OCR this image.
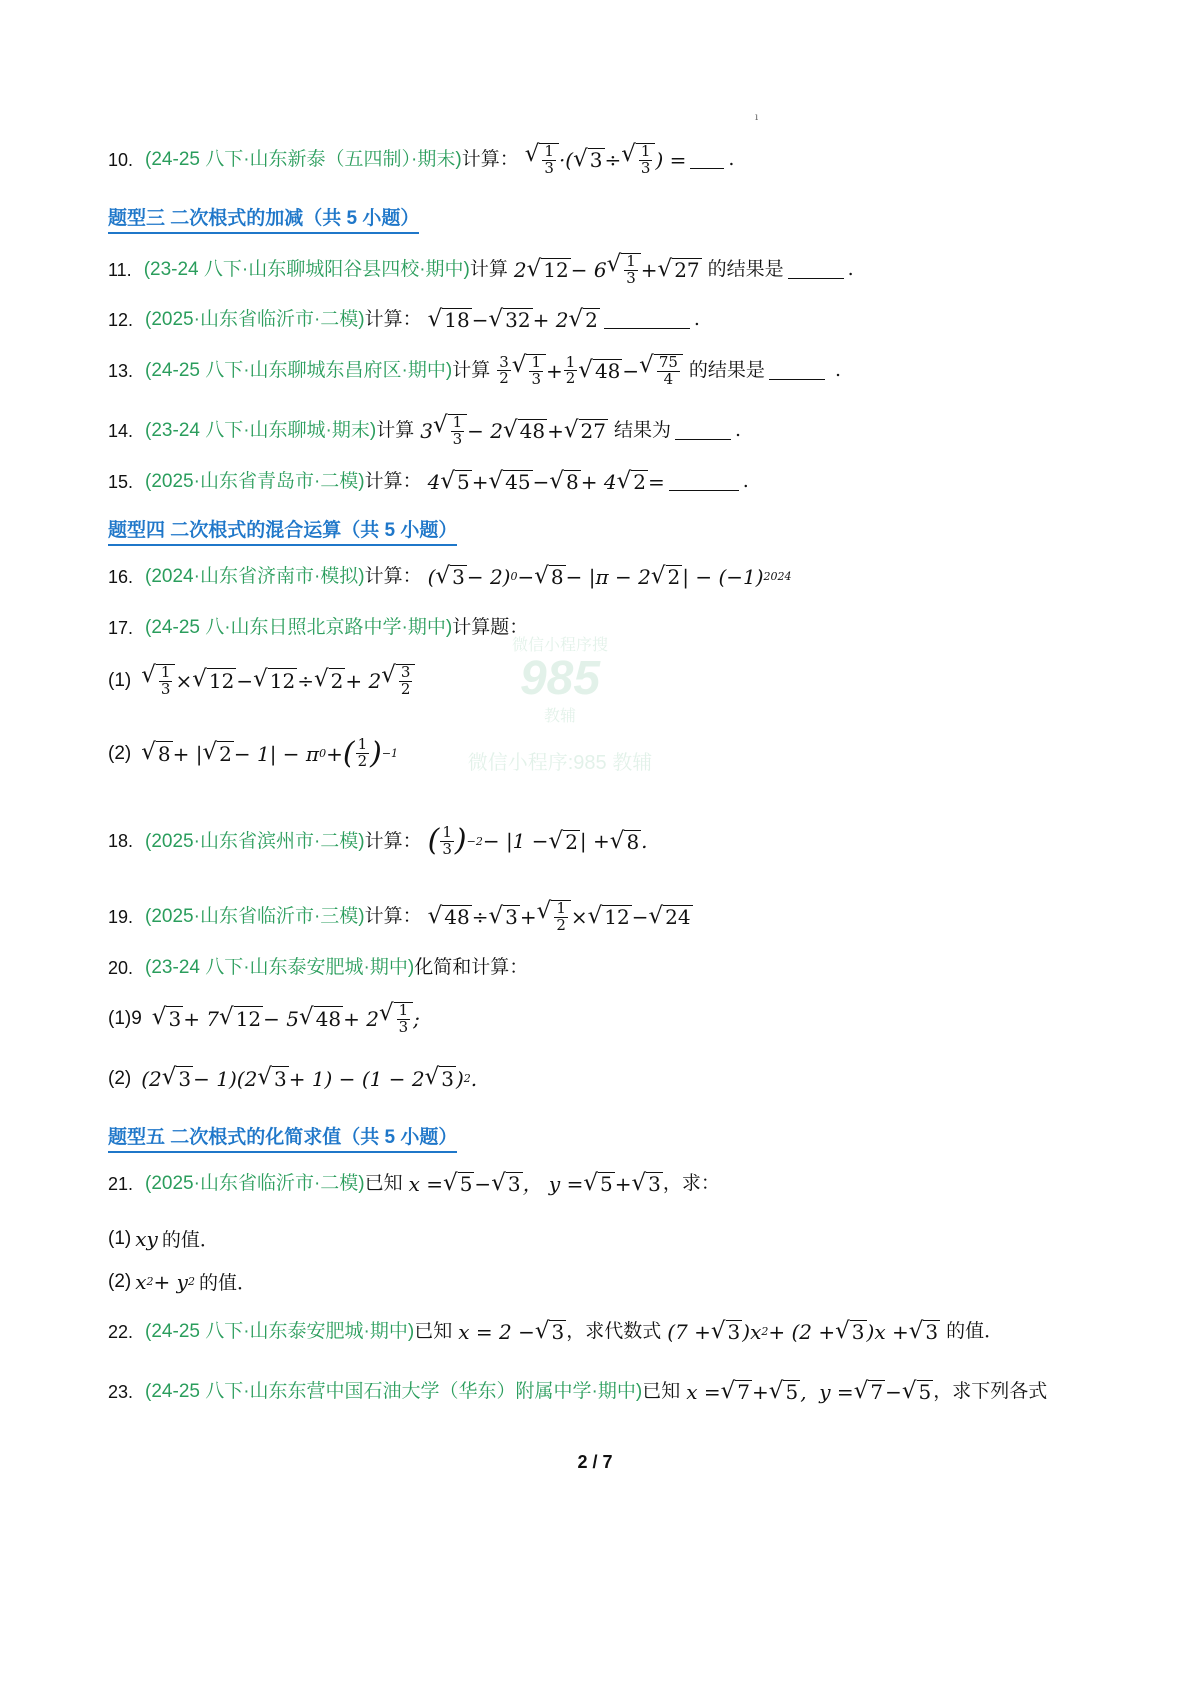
ı
微信小程序搜
985
教辅
微信小程序:985 教辅
10. (24-25 八下·山东新泰（五四制）·期末) 计算： √ $\frac{1}{3}$ ·( √ 3 ÷ √ $\frac{1}{3}$ ) = .
题型三 二次根式的加减（共 5 小题）
11. (23-24 八下·山东聊城阳谷县四校·期中) 计算 2 √ 12 − 6 √ $\frac{1}{3}$ + √ 27 的结果是	.
12. (2025·山东省临沂市·二模) 计算： √ 18 − √ 32 + 2 √ 2	.
13. (24-25 八下·山东聊城东昌府区·期中) 计算 $\frac{3}{2}$ √ $\frac{1}{3} + \frac{1}{2}$ √ 48 − √ $\frac{75}{4}$ 的结果是	.
14. (23-24 八下·山东聊城·期末) 计算 3 √ $\frac{1}{3} - 2$ √ 48 + √ 27 结果为	.
15. (2025·山东省青岛市·二模) 计算： 4 √ 5 + √ 45 − √ 8 + 4 √ 2 =	.
题型四 二次根式的混合运算（共 5 小题）
16. (2024·山东省济南市·模拟) 计算： ( √ 3 − 2) 0 − √ 8 − |π − 2 √ 2 | − (−1) 2024
17. (24-25 八·山东日照北京路中学·期中) 计算题：
(1) √ $\frac{1}{3}$ × √ 12 − √ 12 ÷ √ 2 + 2 √ $\frac{3}{2}$
(2) √ 8 + | √ 2 − 1| − π 0 + ( $\frac{1}{2}$ ) −1
18. (2025·山东省滨州市·二模) 计算： ( $\frac{1}{3}$ ) −2 − |1 − √ 2 | + √ 8 .
19. (2025·山东省临沂市·三模) 计算： √ 48 ÷ √ 3 + √ $\frac{1}{2}$ × √ 12 − √ 24
20. (23-24 八下·山东泰安肥城·期中) 化简和计算：
(1)9 √ 3 + 7 √ 12 − 5 √ 48 + 2 √ $\frac{1}{3}$ ;
(2) (2 √ 3 − 1)(2 √ 3 + 1) − (1 − 2 √ 3 ) 2 .
题型五 二次根式的化简求值（共 5 小题）
21. (2025·山东省临沂市·二模) 已知 x = √ 5 − √ 3 ， y = √ 5 + √ 3 ，求：
(1) xy 的值．
(2) x 2 + y 2 的值．
22. (24-25 八下·山东泰安肥城·期中) 已知 x = 2 − √ 3 ，求代数式 (7 + √ 3 )x 2 + (2 + √ 3 )x + √ 3 的值．
23. (24-25 八下·山东东营中国石油大学（华东）附属中学·期中) 已知 x = √ 7 + √ 5 ,  y = √ 7 − √ 5 ，求下列各式
2 / 7
